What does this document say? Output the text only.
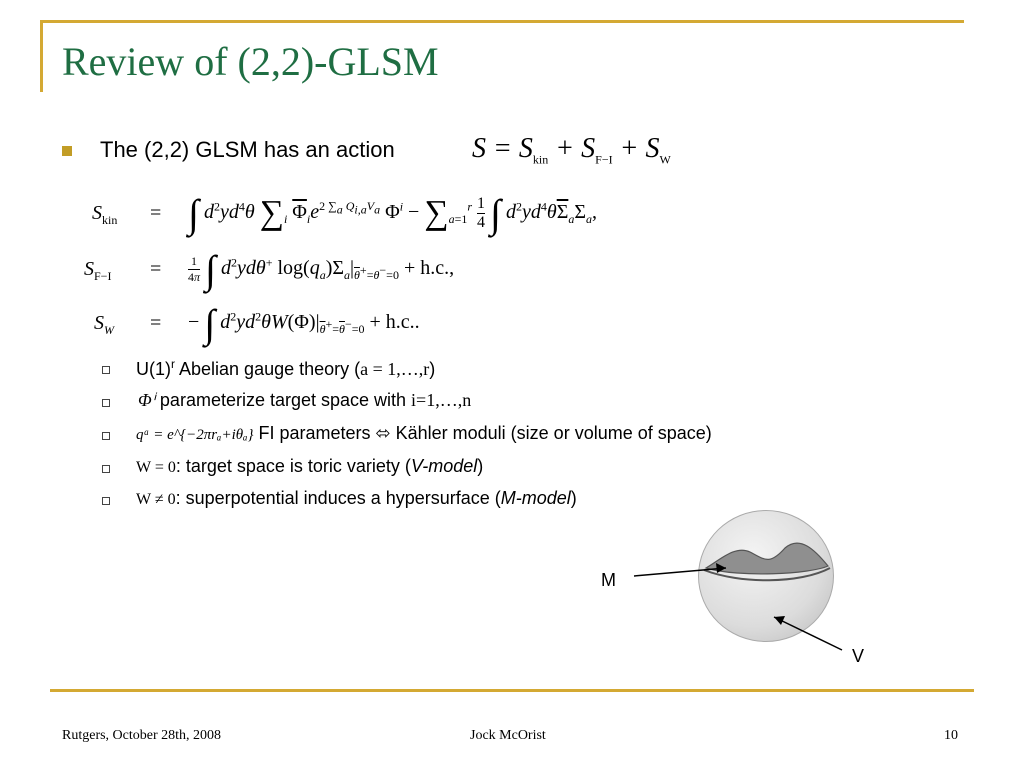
Review of (2,2)-GLSM
The (2,2) GLSM has an action	$S = S_{kin} + S_{F-I} + S_W$
$S_{kin}$	= ∫ $d^2yd^4\theta$ $\sum_i$ $\overline{\Phi}_ie^{2 \sum_a Q_{i,a}V_a}$ $\Phi^i - \sum_{a=1}^r \frac{1}{4}$ ∫ $d^2yd^4\theta\overline{\Sigma}_a\Sigma_a$,
$S_{F-I}$	= $\frac{1}{4\pi}$ ∫ $d^2yd\theta^+$ $\log(q_a)\Sigma_a|_{\overline{\theta}^+=\theta^-=0} + h.c$.,
$S_W$	= − ∫ $d^2yd^2\theta W(\Phi)|_{\overline{\theta}^+=\overline{\theta}^-=0} + h.c$..
$U(1)^r$ Abelian gauge theory (a = 1,…,r)
Φⁱ parameterize target space with i=1,…,n
qᵃ = e^{−2πrₐ+iθₐ} FI parameters ⬄ Kähler moduli (size or volume of space)
W = 0: target space is toric variety (V-model)
W ≠ 0: superpotential induces a hypersurface (M-model)
M
V
Rutgers, October 28th, 2008	Jock McOrist	10
